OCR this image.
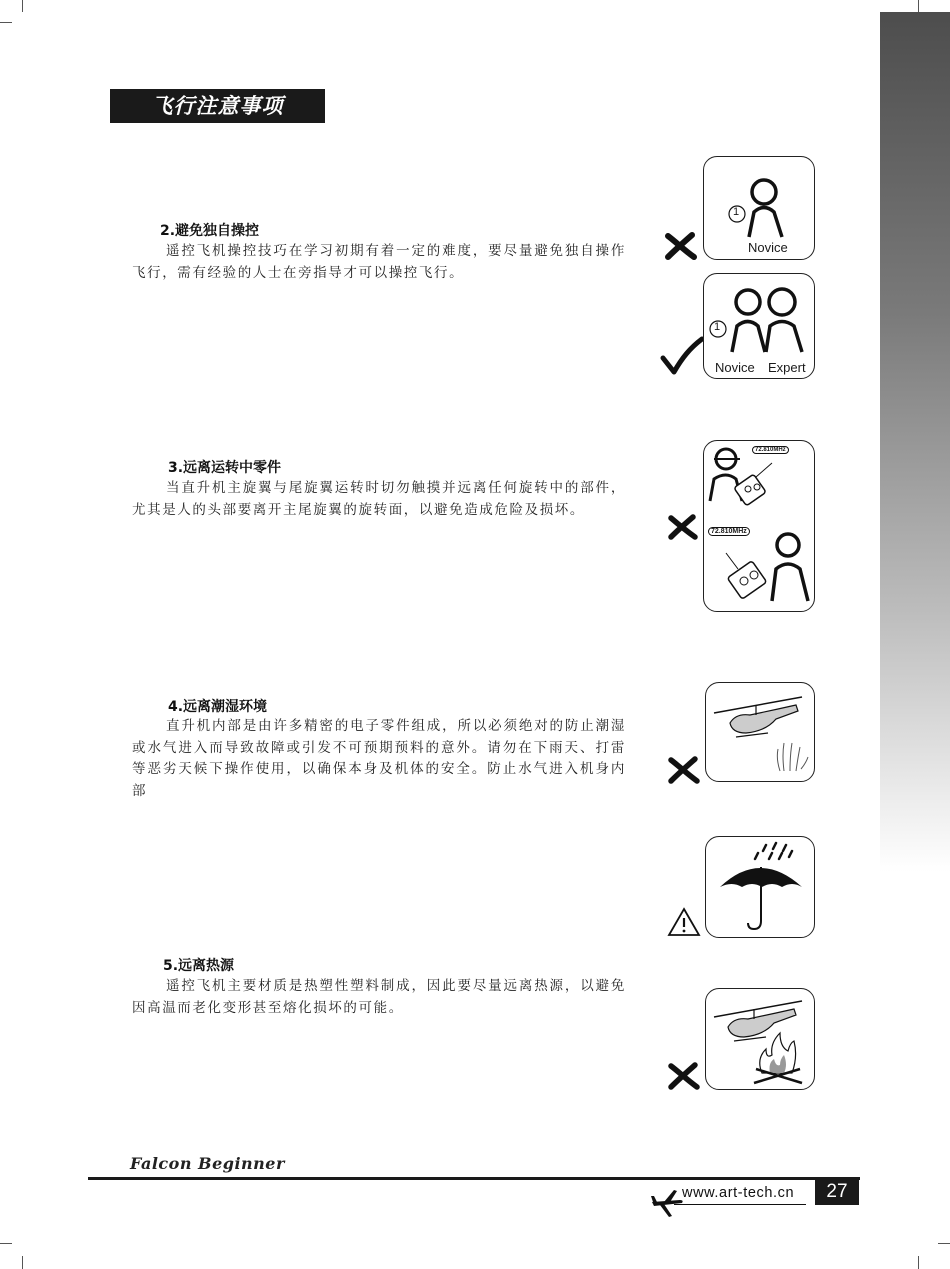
飞行注意事项
2.避免独自操控

遥控飞机操控技巧在学习初期有着一定的难度，要尽量避免独自操作飞行，需有经验的人士在旁指导才可以操控飞行。

3.远离运转中零件

当直升机主旋翼与尾旋翼运转时切勿触摸并远离任何旋转中的部件，尤其是人的头部要离开主尾旋翼的旋转面，以避免造成危险及损坏。

4.远离潮湿环境

直升机内部是由许多精密的电子零件组成，所以必须绝对的防止潮湿或水气进入而导致故障或引发不可预期预料的意外。请勿在下雨天、打雷等恶劣天候下操作使用，以确保本身及机体的安全。防止水气进入机身内部

5.远离热源

遥控飞机主要材质是热塑性塑料制成，因此要尽量远离热源，以避免因高温而老化变形甚至熔化损坏的可能。

1
Novice
1
Novice Expert
72.810MHz
72.810MHz
Falcon Beginner
www.art-tech.cn	27
